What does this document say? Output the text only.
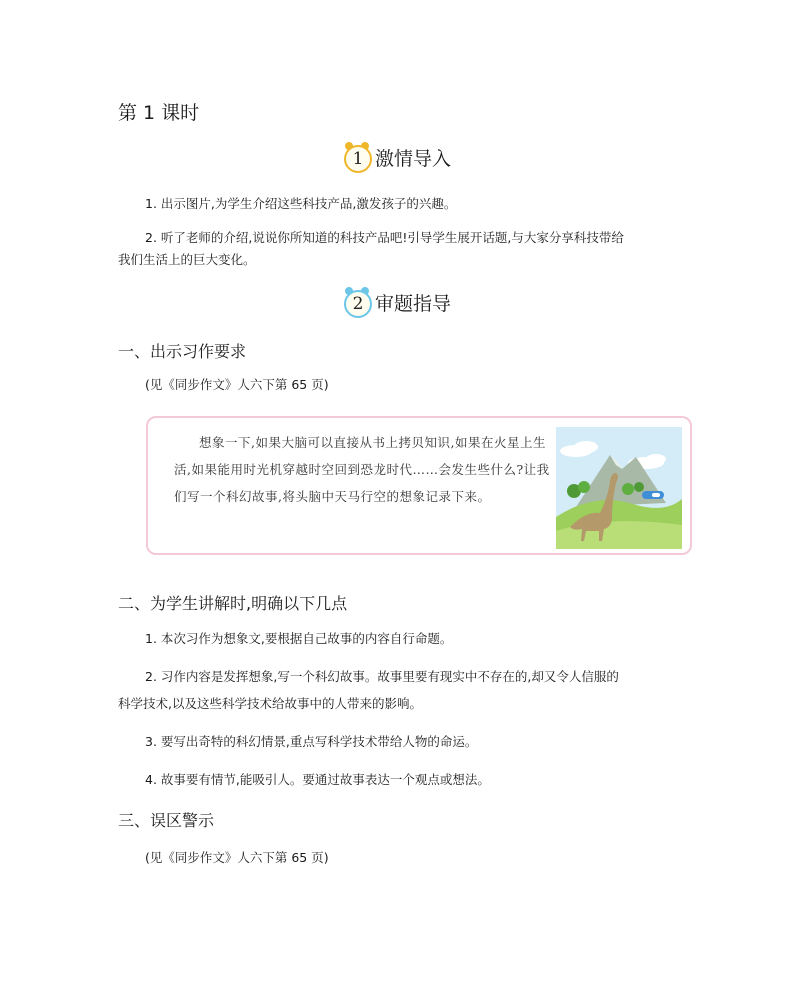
第 1 课时
1 激情导入
1. 出示图片,为学生介绍这些科技产品,激发孩子的兴趣。
2. 听了老师的介绍,说说你所知道的科技产品吧!引导学生展开话题,与大家分享科技带给
我们生活上的巨大变化。
2 审题指导
一、出示习作要求
(见《同步作文》人六下第 65 页)
想象一下,如果大脑可以直接从书上拷贝知识,如果在火星上生活,如果能用时光机穿越时空回到恐龙时代……会发生些什么?让我们写一个科幻故事,将头脑中天马行空的想象记录下来。
二、为学生讲解时,明确以下几点
1. 本次习作为想象文,要根据自己故事的内容自行命题。
2. 习作内容是发挥想象,写一个科幻故事。故事里要有现实中不存在的,却又令人信服的
科学技术,以及这些科学技术给故事中的人带来的影响。
3. 要写出奇特的科幻情景,重点写科学技术带给人物的命运。
4. 故事要有情节,能吸引人。要通过故事表达一个观点或想法。
三、误区警示
(见《同步作文》人六下第 65 页)
